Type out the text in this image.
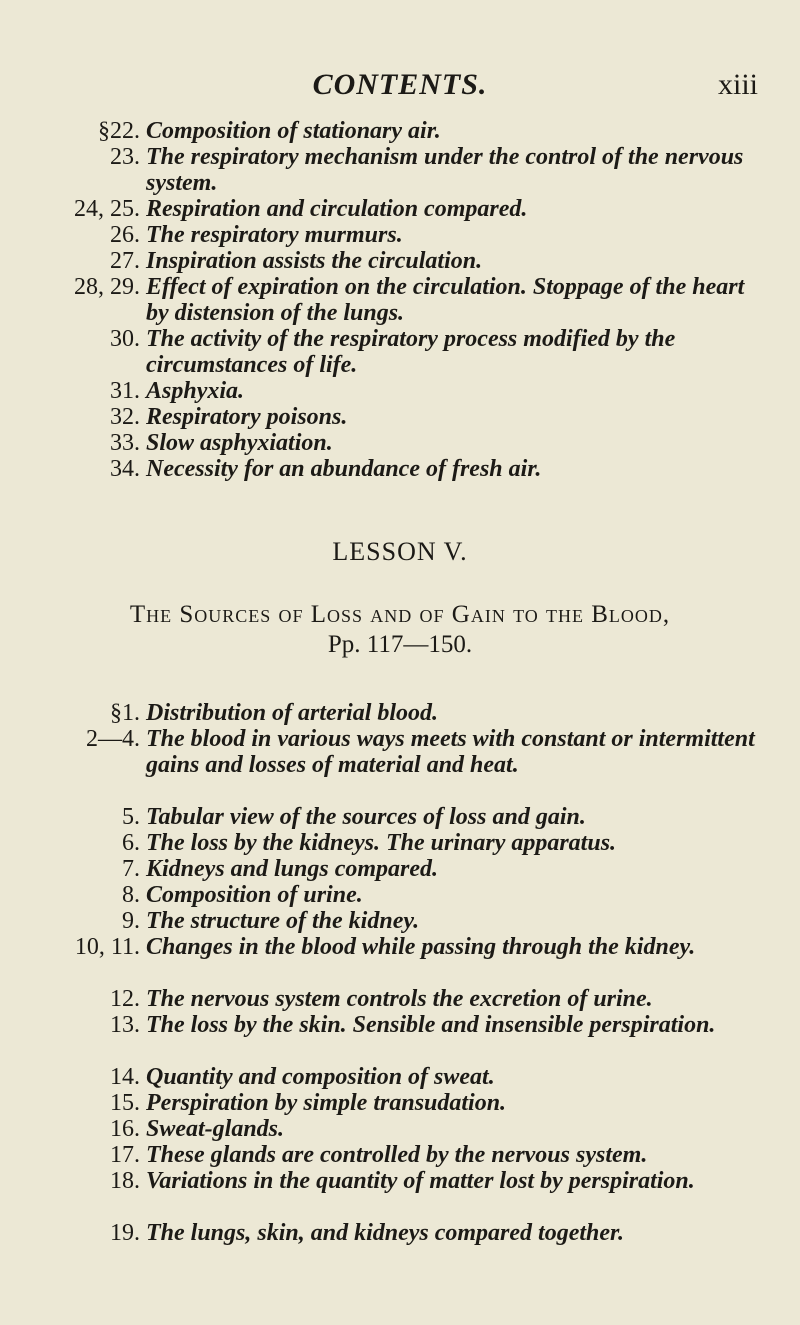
CONTENTS.	xiii
§22. Composition of stationary air.
23. The respiratory mechanism under the control of the nervous system.
24, 25. Respiration and circulation compared.
26. The respiratory murmurs.
27. Inspiration assists the circulation.
28, 29. Effect of expiration on the circulation. Stoppage of the heart by distension of the lungs.
30. The activity of the respiratory process modified by the circumstances of life.
31. Asphyxia.
32. Respiratory poisons.
33. Slow asphyxiation.
34. Necessity for an abundance of fresh air.
LESSON V.
The Sources of Loss and of Gain to the Blood,
Pp. 117—150.
§1. Distribution of arterial blood.
2—4. The blood in various ways meets with constant or intermittent gains and losses of material and heat.
5. Tabular view of the sources of loss and gain.
6. The loss by the kidneys. The urinary apparatus.
7. Kidneys and lungs compared.
8. Composition of urine.
9. The structure of the kidney.
10, 11. Changes in the blood while passing through the kidney.
12. The nervous system controls the excretion of urine.
13. The loss by the skin. Sensible and insensible perspiration.
14. Quantity and composition of sweat.
15. Perspiration by simple transudation.
16. Sweat-glands.
17. These glands are controlled by the nervous system.
18. Variations in the quantity of matter lost by perspiration.
19. The lungs, skin, and kidneys compared together.
